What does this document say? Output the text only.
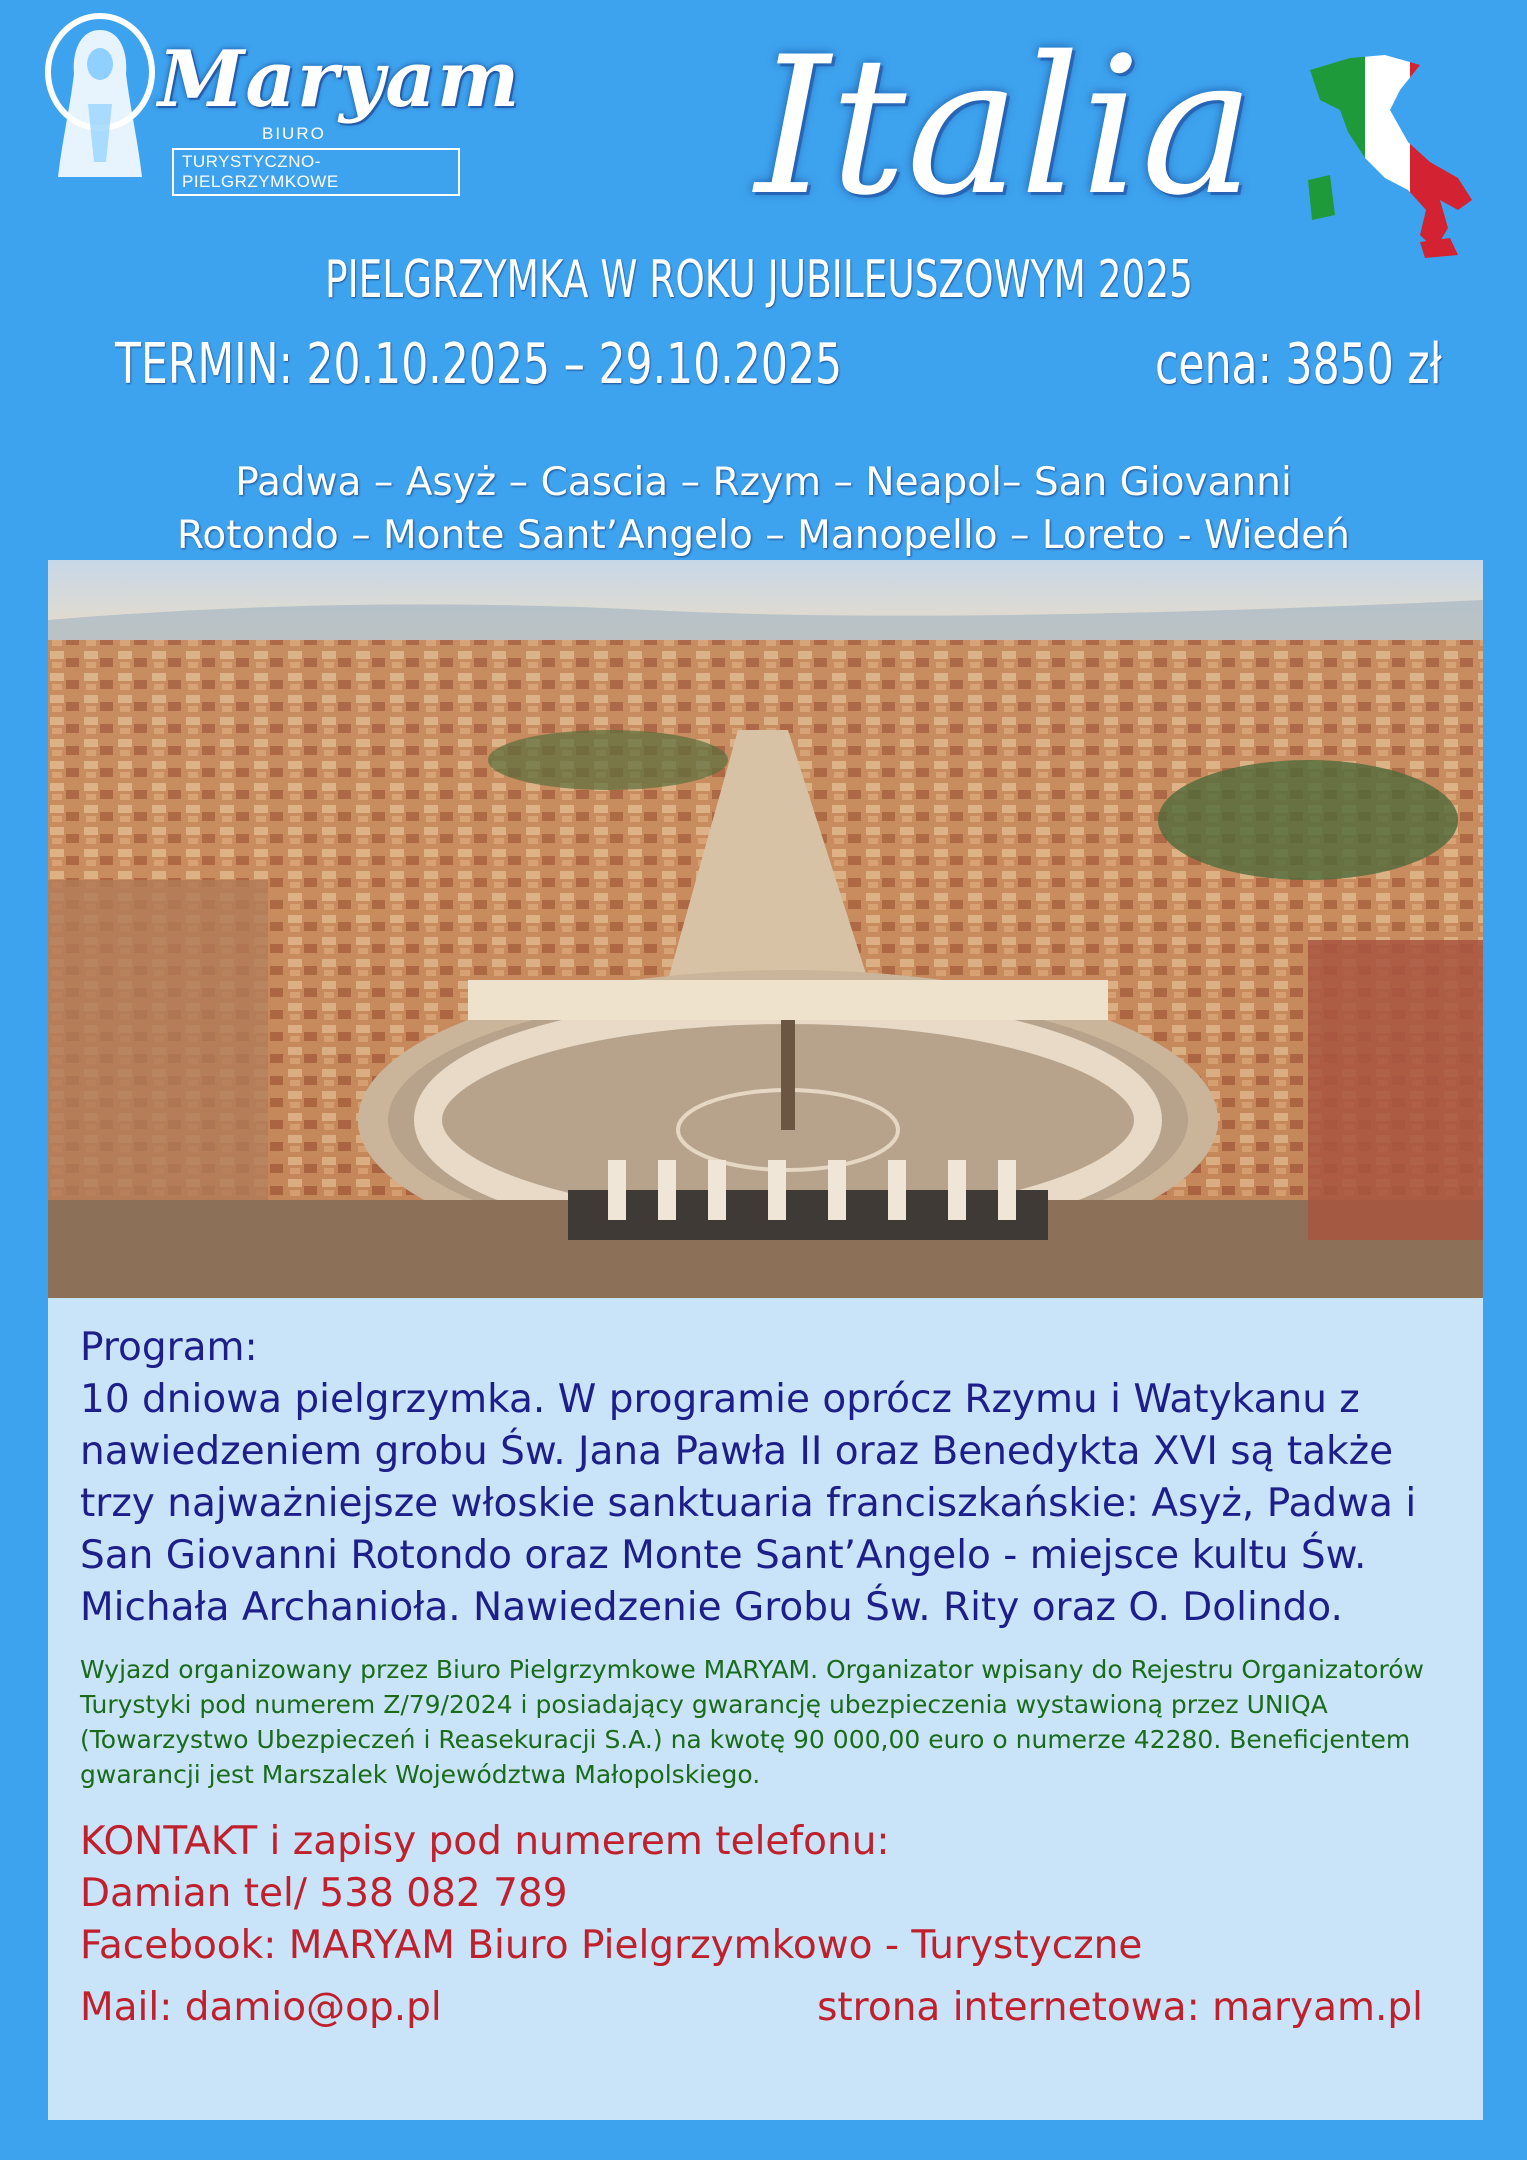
Maryam
BIURO
TURYSTYCZNO-PIELGRZYMKOWE	Italia
PIELGRZYMKA W ROKU JUBILEUSZOWYM 2025
TERMIN: 20.10.2025 – 29.10.2025	cena: 3850 zł
Padwa – Asyż – Cascia – Rzym – Neapol– San Giovanni
Rotondo – Monte Sant’Angelo – Manopello – Loreto - Wiedeń

Program:

10 dniowa pielgrzymka. W programie oprócz Rzymu i Watykanu z nawiedzeniem grobu Św. Jana Pawła II oraz Benedykta XVI są także trzy najważniejsze włoskie sanktuaria franciszkańskie: Asyż, Padwa i San Giovanni Rotondo oraz Monte Sant’Angelo - miejsce kultu Św. Michała Archanioła. Nawiedzenie Grobu Św. Rity oraz O. Dolindo.

Wyjazd organizowany przez Biuro Pielgrzymkowe MARYAM. Organizator wpisany do Rejestru Organizatorów Turystyki pod numerem Z/79/2024 i posiadający gwarancję ubezpieczenia wystawioną przez UNIQA (Towarzystwo Ubezpieczeń i Reasekuracji S.A.) na kwotę 90 000,00 euro o numerze 42280. Beneficjentem gwarancji jest Marszalek Województwa Małopolskiego.

KONTAKT i zapisy pod numerem telefonu:
Damian tel/ 538 082 789
Facebook: MARYAM Biuro Pielgrzymkowo - Turystyczne
Mail: damio@op.pl	strona internetowa: maryam.pl
